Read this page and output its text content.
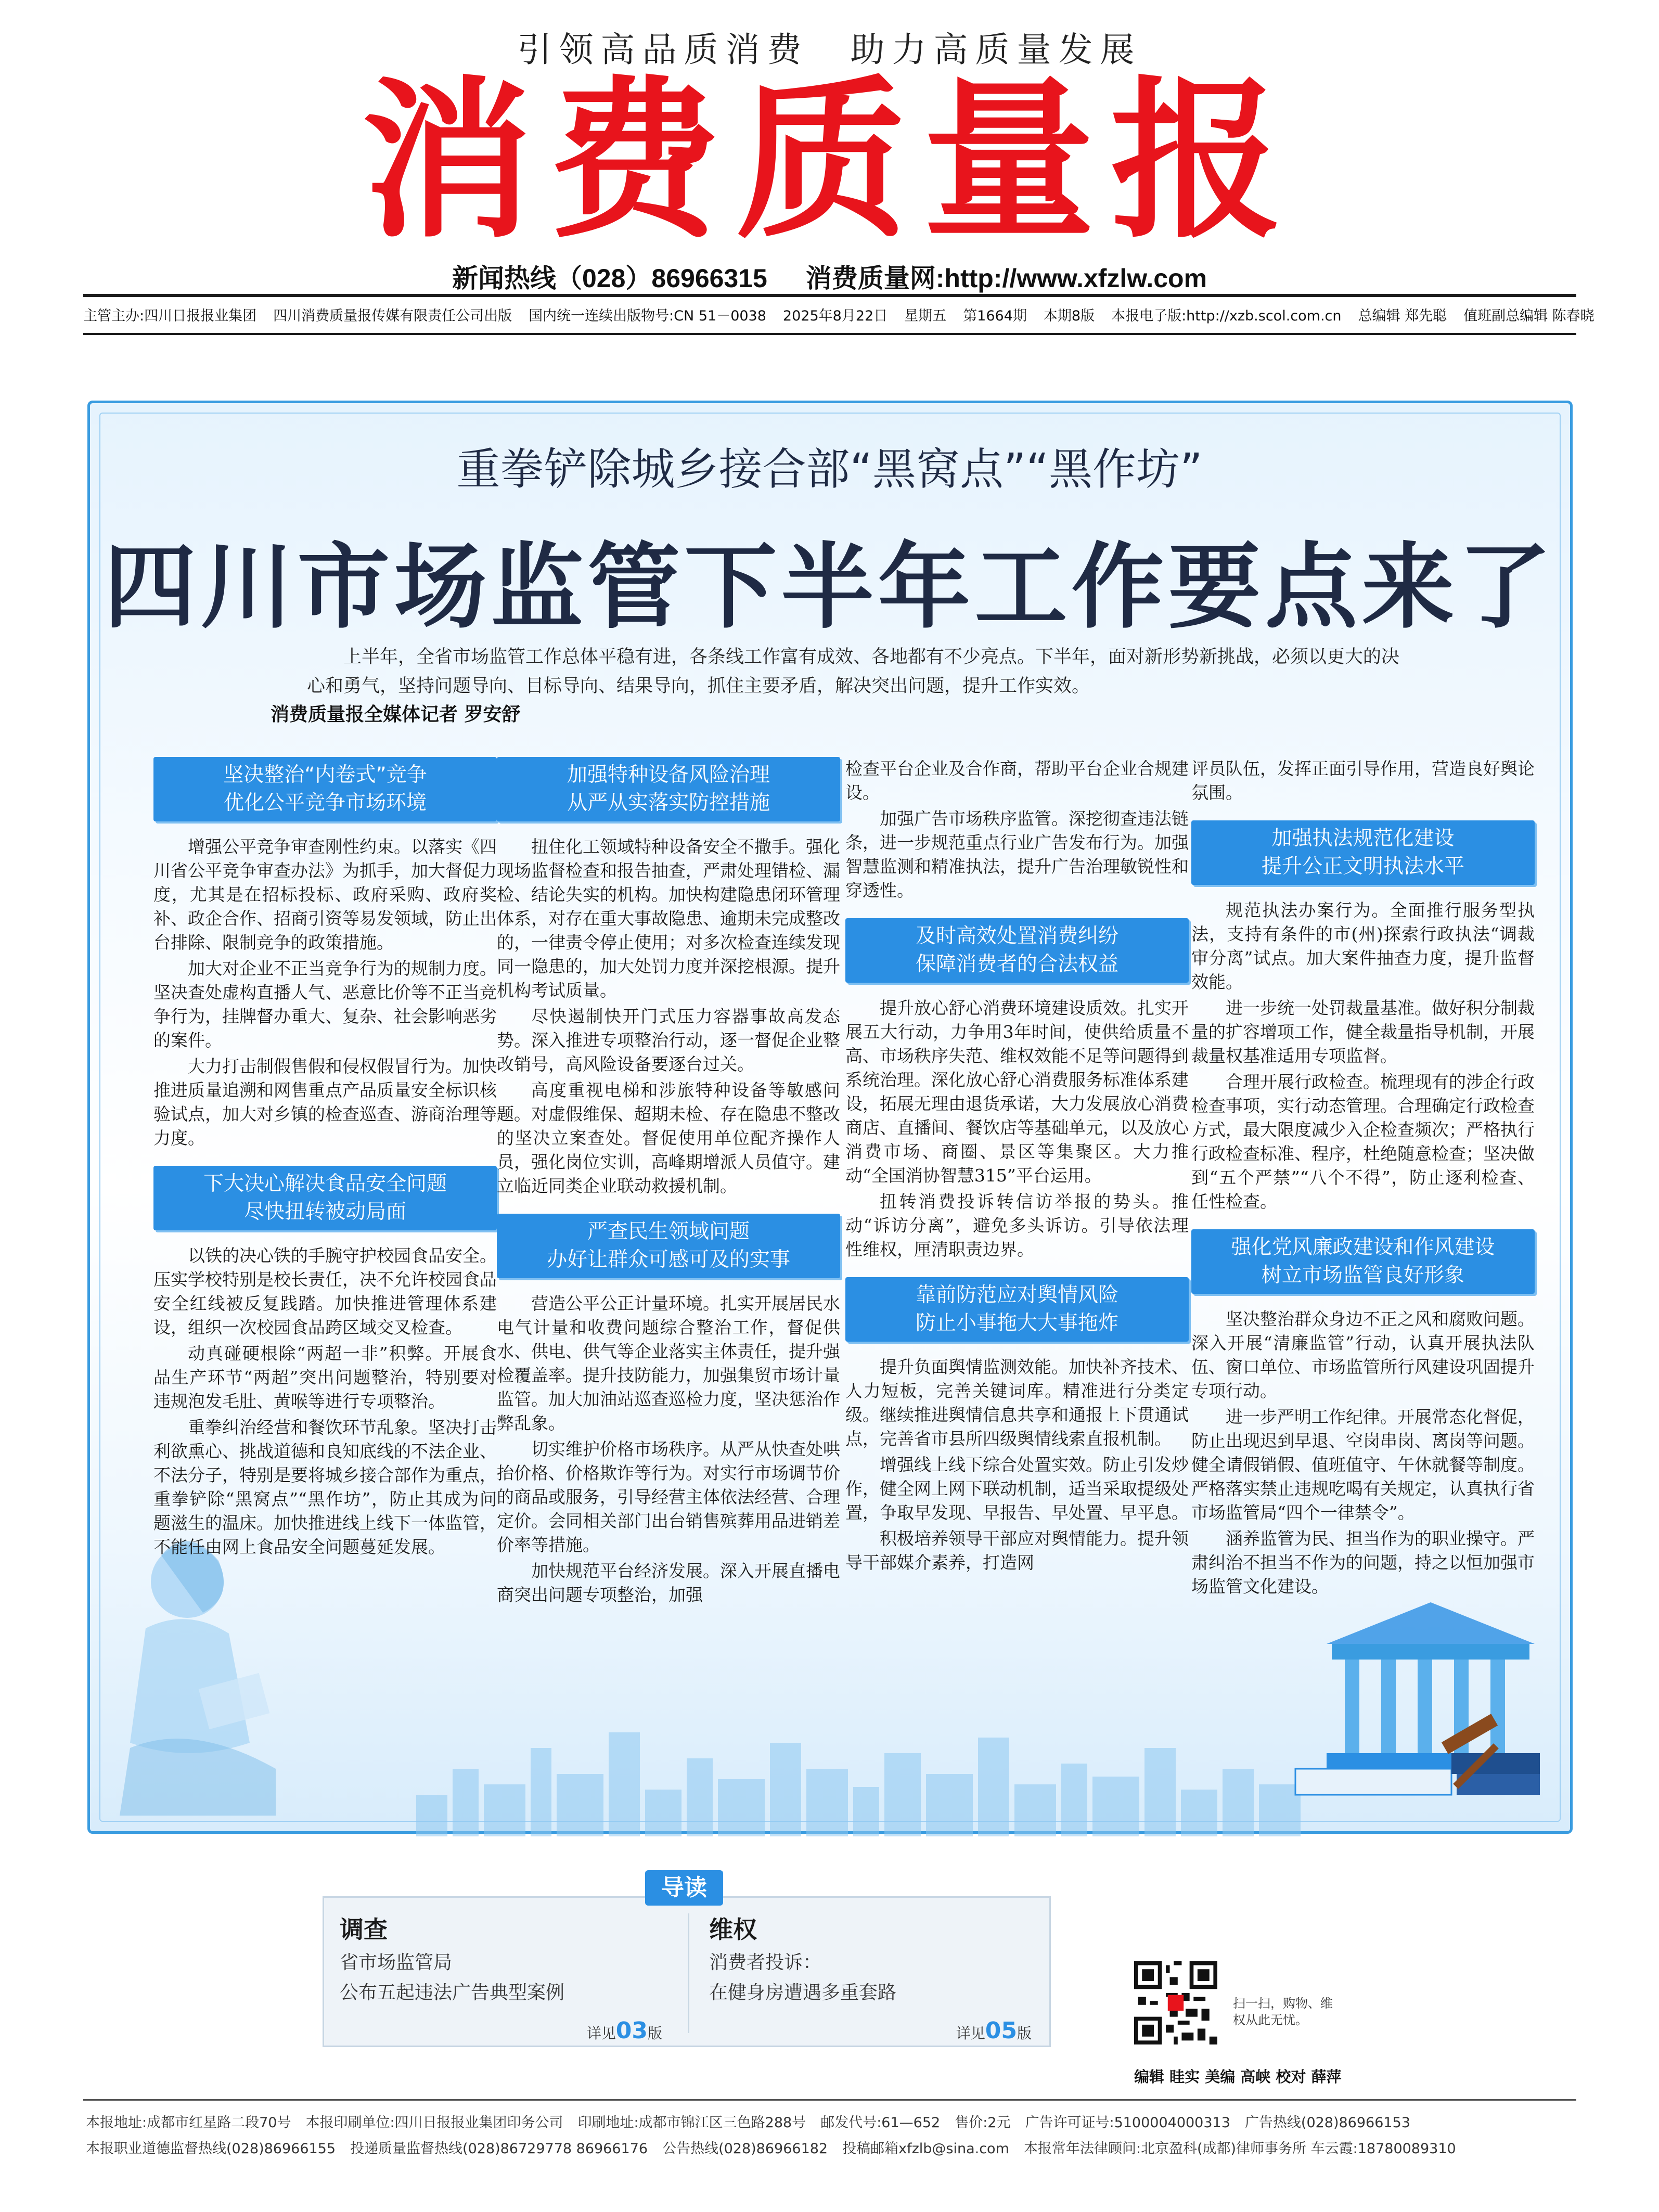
引领高品质消费　助力高质量发展
消费质量报
新闻热线（028）86966315 消费质量网:http://www.xfzlw.com
主管主办:四川日报报业集团 四川消费质量报传媒有限责任公司出版 国内统一连续出版物号:CN 51－0038 2025年8月22日 星期五 第1664期 本期8版 本报电子版:http://xzb.scol.com.cn 总编辑 郑先聪 值班副总编辑 陈春晓
重拳铲除城乡接合部“黑窝点”“黑作坊”
四川市场监管下半年工作要点来了
上半年，全省市场监管工作总体平稳有进，各条线工作富有成效、各地都有不少亮点。下半年，面对新形势新挑战，必须以更大的决心和勇气，坚持问题导向、目标导向、结果导向，抓住主要矛盾，解决突出问题，提升工作实效。
消费质量报全媒体记者 罗安舒
坚决整治“内卷式”竞争
优化公平竞争市场环境

增强公平竞争审查刚性约束。以落实《四川省公平竞争审查办法》为抓手，加大督促力度，尤其是在招标投标、政府采购、政府奖补、政企合作、招商引资等易发领域，防止出台排除、限制竞争的政策措施。

加大对企业不正当竞争行为的规制力度。坚决查处虚构直播人气、恶意比价等不正当竞争行为，挂牌督办重大、复杂、社会影响恶劣的案件。

大力打击制假售假和侵权假冒行为。加快推进质量追溯和网售重点产品质量安全标识核验试点，加大对乡镇的检查巡查、游商治理等力度。

下大决心解决食品安全问题
尽快扭转被动局面

以铁的决心铁的手腕守护校园食品安全。压实学校特别是校长责任，决不允许校园食品安全红线被反复践踏。加快推进管理体系建设，组织一次校园食品跨区域交叉检查。

动真碰硬根除“两超一非”积弊。开展食品生产环节“两超”突出问题整治，特别要对违规泡发毛肚、黄喉等进行专项整治。

重拳纠治经营和餐饮环节乱象。坚决打击利欲熏心、挑战道德和良知底线的不法企业、不法分子，特别是要将城乡接合部作为重点，重拳铲除“黑窝点”“黑作坊”，防止其成为问题滋生的温床。加快推进线上线下一体监管，不能任由网上食品安全问题蔓延发展。

加强特种设备风险治理
从严从实落实防控措施

扭住化工领域特种设备安全不撒手。强化现场监督检查和报告抽查，严肃处理错检、漏检、结论失实的机构。加快构建隐患闭环管理体系，对存在重大事故隐患、逾期未完成整改的，一律责令停止使用；对多次检查连续发现同一隐患的，加大处罚力度并深挖根源。提升机构考试质量。

尽快遏制快开门式压力容器事故高发态势。深入推进专项整治行动，逐一督促企业整改销号，高风险设备要逐台过关。

高度重视电梯和涉旅特种设备等敏感问题。对虚假维保、超期未检、存在隐患不整改的坚决立案查处。督促使用单位配齐操作人员，强化岗位实训，高峰期增派人员值守。建立临近同类企业联动救援机制。

严查民生领域问题
办好让群众可感可及的实事

营造公平公正计量环境。扎实开展居民水电气计量和收费问题综合整治工作，督促供水、供电、供气等企业落实主体责任，提升强检覆盖率。提升技防能力，加强集贸市场计量监管。加大加油站巡查巡检力度，坚决惩治作弊乱象。

切实维护价格市场秩序。从严从快查处哄抬价格、价格欺诈等行为。对实行市场调节价的商品或服务，引导经营主体依法经营、合理定价。会同相关部门出台销售殡葬用品进销差价率等措施。

加快规范平台经济发展。深入开展直播电商突出问题专项整治，加强

检查平台企业及合作商，帮助平台企业合规建设。

加强广告市场秩序监管。深挖彻查违法链条，进一步规范重点行业广告发布行为。加强智慧监测和精准执法，提升广告治理敏锐性和穿透性。

及时高效处置消费纠纷
保障消费者的合法权益

提升放心舒心消费环境建设质效。扎实开展五大行动，力争用3年时间，使供给质量不高、市场秩序失范、维权效能不足等问题得到系统治理。深化放心舒心消费服务标准体系建设，拓展无理由退货承诺，大力发展放心消费商店、直播间、餐饮店等基础单元，以及放心消费市场、商圈、景区等集聚区。大力推动“全国消协智慧315”平台运用。

扭转消费投诉转信访举报的势头。推动“诉访分离”，避免多头诉访。引导依法理性维权，厘清职责边界。

靠前防范应对舆情风险
防止小事拖大大事拖炸

提升负面舆情监测效能。加快补齐技术、人力短板，完善关键词库。精准进行分类定级。继续推进舆情信息共享和通报上下贯通试点，完善省市县所四级舆情线索直报机制。

增强线上线下综合处置实效。防止引发炒作，健全网上网下联动机制，适当采取提级处置，争取早发现、早报告、早处置、早平息。

积极培养领导干部应对舆情能力。提升领导干部媒介素养，打造网

评员队伍，发挥正面引导作用，营造良好舆论氛围。

加强执法规范化建设
提升公正文明执法水平

规范执法办案行为。全面推行服务型执法，支持有条件的市(州)探索行政执法“调裁审分离”试点。加大案件抽查力度，提升监督效能。

进一步统一处罚裁量基准。做好积分制裁量的扩容增项工作，健全裁量指导机制，开展裁量权基准适用专项监督。

合理开展行政检查。梳理现有的涉企行政检查事项，实行动态管理。合理确定行政检查方式，最大限度减少入企检查频次；严格执行行政检查标准、程序，杜绝随意检查；坚决做到“五个严禁”“八个不得”，防止逐利检查、任性检查。

强化党风廉政建设和作风建设
树立市场监管良好形象

坚决整治群众身边不正之风和腐败问题。深入开展“清廉监管”行动，认真开展执法队伍、窗口单位、市场监管所行风建设巩固提升专项行动。

进一步严明工作纪律。开展常态化督促，防止出现迟到早退、空岗串岗、离岗等问题。健全请假销假、值班值守、午休就餐等制度。严格落实禁止违规吃喝有关规定，认真执行省市场监管局“四个一律禁令”。

涵养监管为民、担当作为的职业操守。严肃纠治不担当不作为的问题，持之以恒加强市场监管文化建设。

调查
省市场监管局
公布五起违法广告典型案例
详见03版
维权
消费者投诉：
在健身房遭遇多重套路
详见05版
导读
扫一扫，购物、维权从此无忧。
编辑 眭实 美编 高峡 校对 薛萍
本报地址:成都市红星路二段70号 本报印刷单位:四川日报报业集团印务公司 印刷地址:成都市锦江区三色路288号 邮发代号:61—652 售价:2元 广告许可证号:5100004000313 广告热线(028)86966153
本报职业道德监督热线(028)86966155 投递质量监督热线(028)86729778 86966176 公告热线(028)86966182 投稿邮箱xfzlb@sina.com 本报常年法律顾问:北京盈科(成都)律师事务所 车云霞:18780089310
